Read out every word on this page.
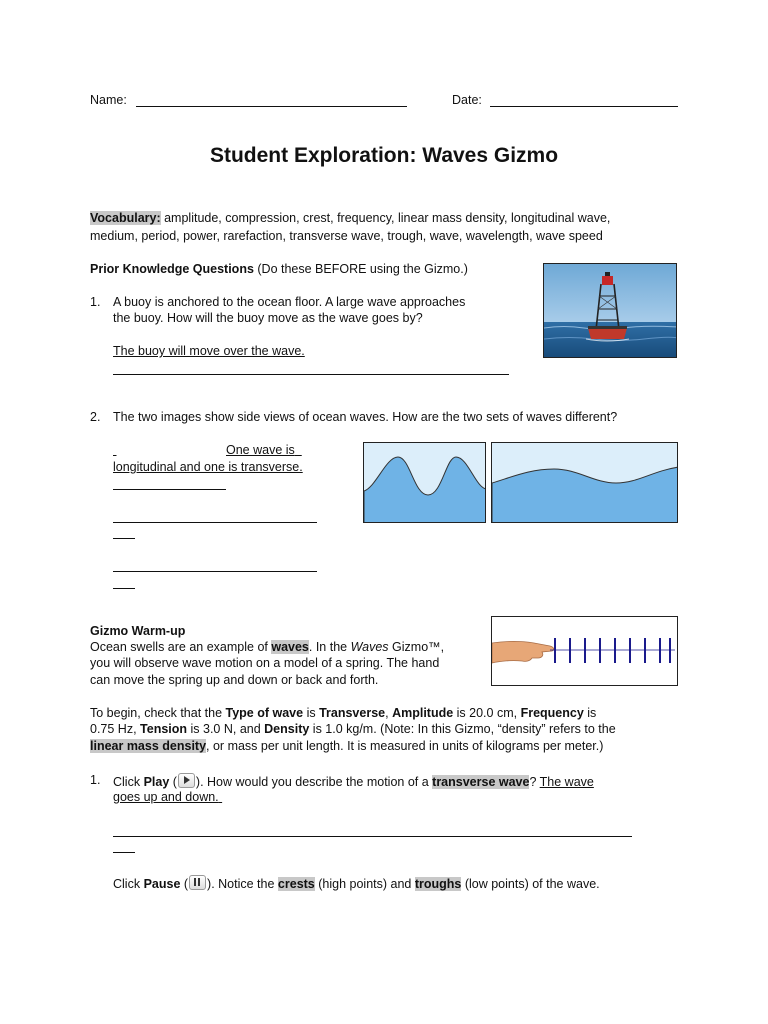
Name:	Date:
Student Exploration: Waves Gizmo
Vocabulary: amplitude, compression, crest, frequency, linear mass density, longitudinal wave,
medium, period, power, rarefaction, transverse wave, trough, wave, wavelength, wave speed
Prior Knowledge Questions (Do these BEFORE using the Gizmo.)
1. A buoy is anchored to the ocean floor. A large wave approaches
the buoy. How will the buoy move as the wave goes by?
The buoy will move over the wave.
2. The two images show side views of ocean waves. How are the two sets of waves different?
One wave is
longitudinal and one is transverse.
Gizmo Warm-up
Ocean swells are an example of waves. In the Waves Gizmo™,
you will observe wave motion on a model of a spring. The hand
can move the spring up and down or back and forth.
To begin, check that the Type of wave is Transverse, Amplitude is 20.0 cm, Frequency is
0.75 Hz, Tension is 3.0 N, and Density is 1.0 kg/m. (Note: In this Gizmo, “density” refers to the
linear mass density, or mass per unit length. It is measured in units of kilograms per meter.)
1. Click Play ( ). How would you describe the motion of a transverse wave? The wave
goes up and down.
Click Pause ( ). Notice the crests (high points) and troughs (low points) of the wave.
